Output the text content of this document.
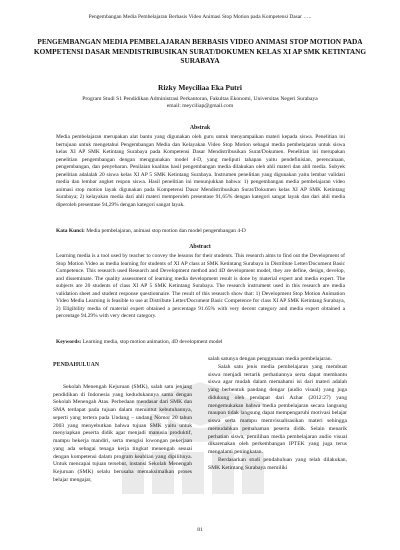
Pengembangan Media Pembelajaran Berbasis Video Animasi Stop Motion pada Kompetensi Dasar …..
PENGEMBANGAN MEDIA PEMBELAJARAN BERBASIS VIDEO ANIMASI STOP MOTION PADA KOMPETENSI DASAR MENDISTRIBUSIKAN SURAT/DOKUMEN KELAS XI AP SMK KETINTANG SURABAYA
Rizky Meyciliaa Eka Putri
Program Studi S1 Pendidikan Administrasi Perkantoran, Fakultas Ekonomi, Universitas Negeri Surabaya
email: meyciliap@gmail.com
Abstrak

Media pembelajaran merupakan alat bantu yang digunakan oleh guru untuk menyampaikan materi kepada siswa. Penelitian ini bertujuan untuk mengetahui Pengembangan Media dan Kelayakan Video Stop Motion sebagai media pembelajaran untuk siswa kelas XI AP SMK Ketintang Surabaya pada Kompetensi Dasar Mendistribusikan Surat/Dokumen. Penelitian ini merupakan penelitian pengembangan dengan menggunakan model 4-D, yang meliputi tahapan yaitu pendefinisian, perencanaan, pengembangan, dan penyebaran. Penilaian kualitas hasil pengembangan media dilakukan oleh ahli materi dan ahli media. Subyek penelitian adalalah 20 siswa kelas XI AP 5 SMK Ketintang Surabaya. Instrumen penelitian yang digunakan yaitu lembar validasi media dan lembar angket respon siswa. Hasil penelitian ini menunjukkan bahwa: 1) pengembangan media pembelajaran video animasi stop motion layak digunakan pada Kompetensi Dasar Mendistribusikan Surat/Dokumen kelas XI AP SMK Ketintang Surabaya; 2) kelayakan media dari ahli materi memperoleh presentase 91,65% dengan kategori sangat layak dan dari ahli media diperoleh presentase 94,29% dengan kategori sangat layak.

Kata Kunci: Media pembelajaran, animasi stop motion dan model pengembangan 4-D
Abstract

Learning media is a tool used by teacher to convey the lessons for their students. This research aims to find out the Development of Stop Motion Video as media learning for students of XI AP class at SMK Ketintang Surabaya in Distribute Letter/Document Basic Competence. This research used Research and Development method and 4D development model, they are define, design, develop, and disseminate. The quality assessment of learning media development result is done by material expert and media expert. The subjects are 20 students of class XI AP 5 SMK Ketintang Surabaya. The research instrument used in this research are media validation sheet and student response questionnaire. The result of this research show that: 1) Development Stop Motion Animation Video Media Learning is feasible to use at Distribute Letter/Document Basic Competence for class XI AP SMK Ketintang Surabaya, 2) Eligibility media of material expert obtained a percentage 91.65% with very decent category and media expert obtained a percentage 94.29% with very decent category.

Keywords: Learning media, stop motion animation, 4D development model
PENDAHULUAN

Sekolah Menengah Kejuruan (SMK), salah satu jenjang pendidikan di Indonesia yang kedudukannya sama dengan Sekolah Menengah Atas. Perbedaan mendasar dari SMK dan SMA terdapat pada tujuan dalam menuntut kebutuhannya, seperti yang tertera pada Undang – undang Nomor 20 tahun 2003 yang menyebutkan bahwa tujuan SMK yaitu untuk menyiapkan peserta didik agar menjadi manusia produktif, mampu bekerja mandiri, serta mengisi lowongan pekerjaan yang ada sebagai tenaga kerja tingkat menengah sesuai dengan kompetensi dalam program keahlian yang dipilihnya. Untuk mencapai tujuan tersebut, instansi Sekolah Menengah Kejuruan (SMK) selalu berusaha memaksimalkan proses belajar mengajar,

salah satunya dengan penggunaan media pembelajaran.

Salah satu jenis media pembelajaran yang membuat siswa menjadi tertarik perhatiannya serta dapat membantu siswa agar mudah dalam memahami isi dari materi adalah yang berbentuk pandang dengar (audio visual) yang juga didukung oleh pendapat dari Azhar (2012:27) yang mengemukakan bahwa media pembelajaran secara langsung maupun tidak langsung dapat mempengaruhi motivasi belajar siswa serta mampu memvisualisasikan materi sehingga memudahkan pemahaman peserta didik. Selain menarik perhatian siswa, pemilihan media pembelajaran audio visual dikarenakan oleh perkembangan IPTEK yang juga terus mengalami peningkatan.

Berdasarkan studi pendahuluan yang telah dilakukan, SMK Ketintang Surabaya memiliki

81
